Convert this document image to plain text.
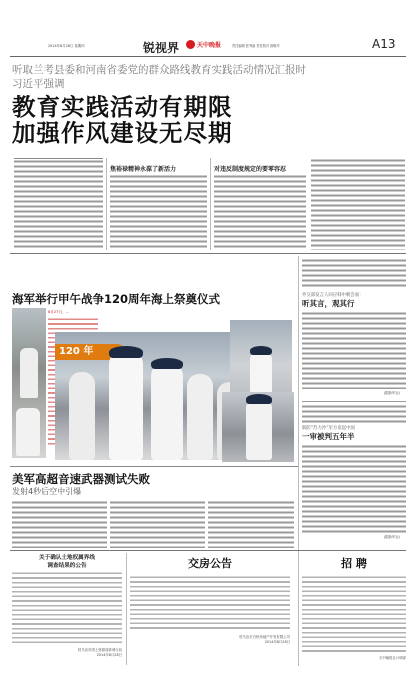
2014年8月28日 星期四	锐视界	天中晚报	责任编辑 张秀丽 责任校对 薛敬华	A13
听取兰考县委和河南省委党的群众路线教育实践活动情况汇报时
习近平强调
教育实践活动有期限
加强作风建设无尽期
焦裕禄精神永葆了新活力	对违反制度规定的要零容忍
海军举行甲午战争120周年海上祭奠仪式
8月27日，…
120 年
外交部发言人回应韩中朝会面：
听其言，观其行
(据新华社)
联防“苏力沙”军方发起中国
一审被判五年半
(据新华社)
美军高超音速武器测试失败
发射4秒后空中引爆
关于确认土地权属界线
调查结果的公告
驻马店市国土资源局驿城分局
2014年8月28日
交房公告
驻马店市白桥房地产开发有限公司
2014年8月28日
招 聘
天中晚报社计调部
